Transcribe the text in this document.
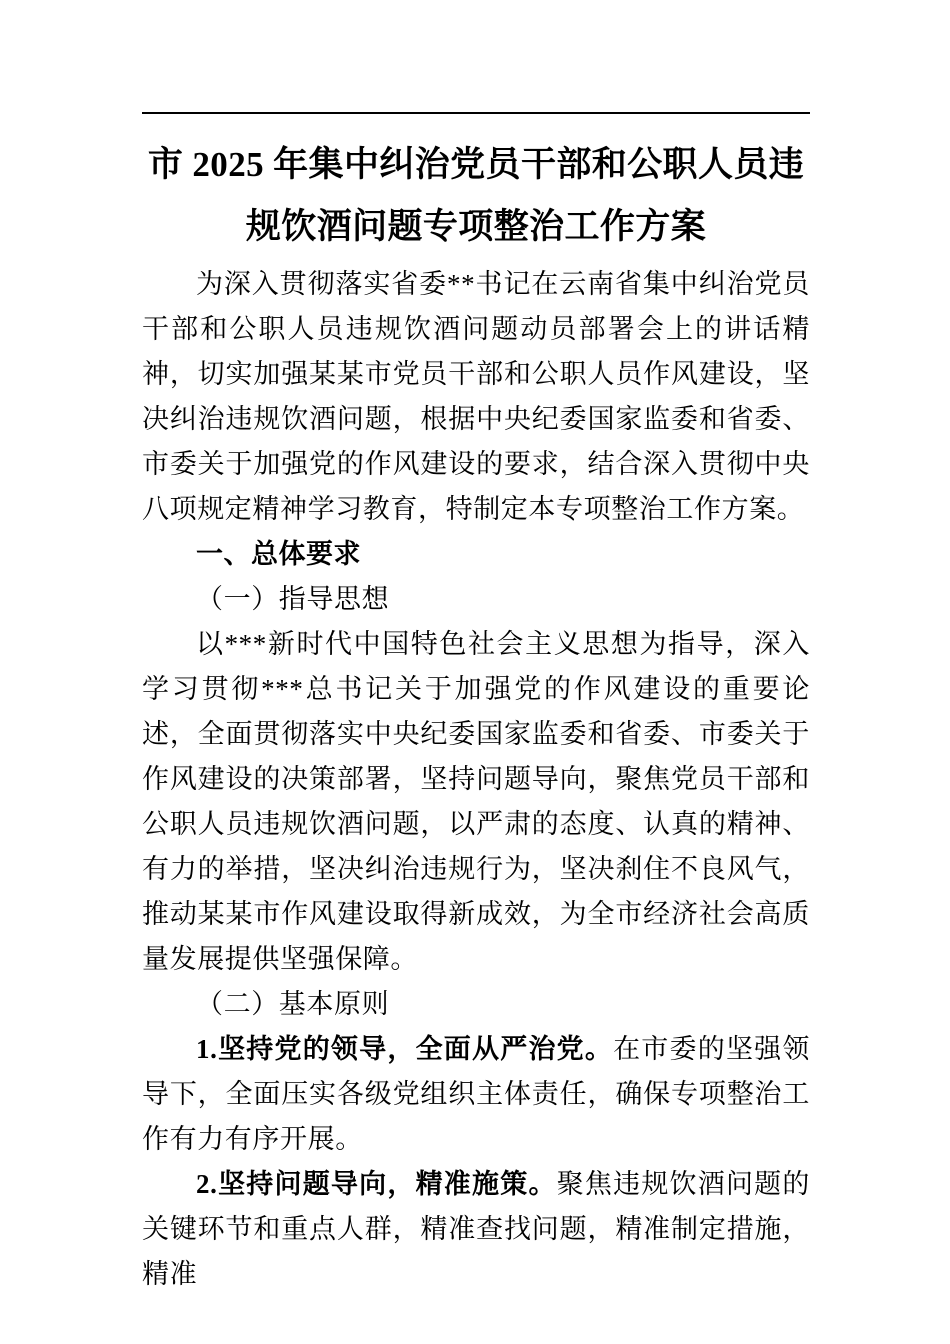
市 2025 年集中纠治党员干部和公职人员违规饮酒问题专项整治工作方案

为深入贯彻落实省委**书记在云南省集中纠治党员干部和公职人员违规饮酒问题动员部署会上的讲话精神，切实加强某某市党员干部和公职人员作风建设，坚决纠治违规饮酒问题，根据中央纪委国家监委和省委、市委关于加强党的作风建设的要求，结合深入贯彻中央八项规定精神学习教育，特制定本专项整治工作方案。

一、总体要求

（一）指导思想

以***新时代中国特色社会主义思想为指导，深入学习贯彻***总书记关于加强党的作风建设的重要论述，全面贯彻落实中央纪委国家监委和省委、市委关于作风建设的决策部署，坚持问题导向，聚焦党员干部和公职人员违规饮酒问题，以严肃的态度、认真的精神、有力的举措，坚决纠治违规行为，坚决刹住不良风气，推动某某市作风建设取得新成效，为全市经济社会高质量发展提供坚强保障。

（二）基本原则

1.坚持党的领导，全面从严治党。在市委的坚强领导下，全面压实各级党组织主体责任，确保专项整治工作有力有序开展。

2.坚持问题导向，精准施策。聚焦违规饮酒问题的关键环节和重点人群，精准查找问题，精准制定措施，精准
